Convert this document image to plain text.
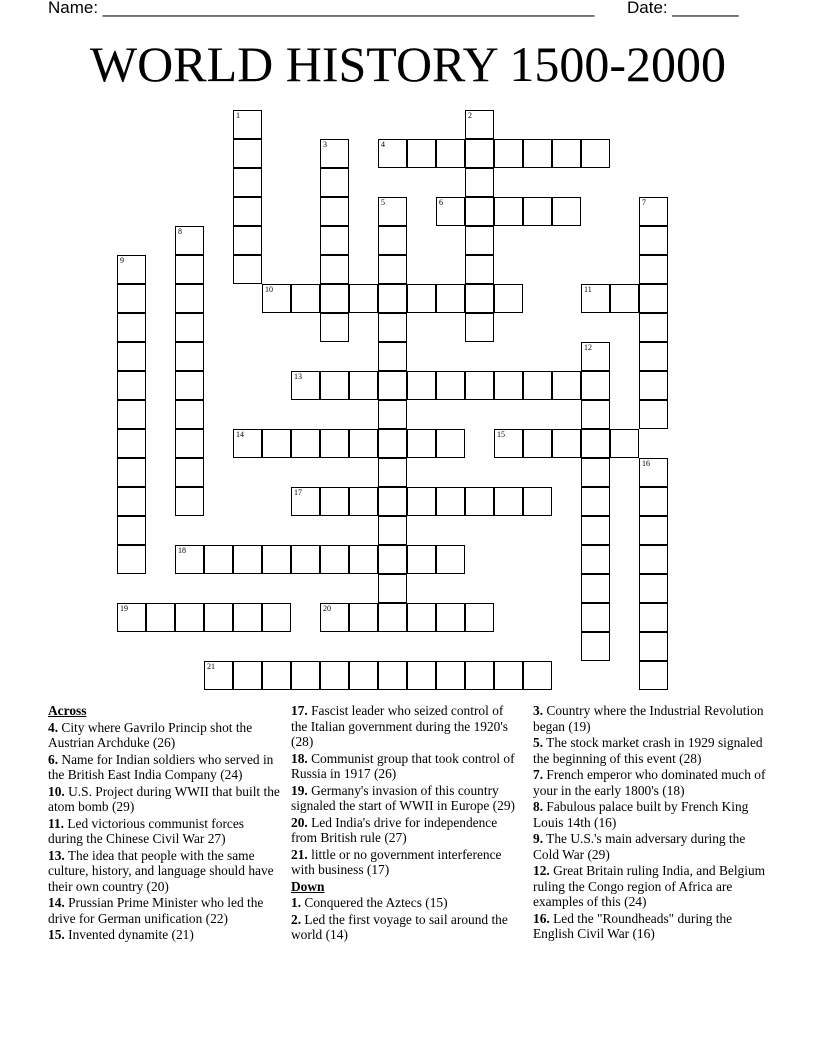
Name: ____________________________________________________ Date: _______
WORLD HISTORY 1500-2000
1	2
3	4
5	6	7
8
9
10	11
12
13
14	15
16
17
18
19	20
21
Across
4. City where Gavrilo Princip shot the Austrian Archduke (26)
6. Name for Indian soldiers who served in the British East India Company (24)
10. U.S. Project during WWII that built the atom bomb (29)
11. Led victorious communist forces during the Chinese Civil War 27)
13. The idea that people with the same culture, history, and language should have their own country (20)
14. Prussian Prime Minister who led the drive for German unification (22)
15. Invented dynamite (21)
17. Fascist leader who seized control of the Italian government during the 1920's (28)
18. Communist group that took control of Russia in 1917 (26)
19. Germany's invasion of this country signaled the start of WWII in Europe (29)
20. Led India's drive for independence from British rule (27)
21. little or no government interference with business (17)
Down
1. Conquered the Aztecs (15)
2. Led the first voyage to sail around the world (14)
3. Country where the Industrial Revolution began (19)
5. The stock market crash in 1929 signaled the beginning of this event (28)
7. French emperor who dominated much of your in the early 1800's (18)
8. Fabulous palace built by French King Louis 14th (16)
9. The U.S.'s main adversary during the Cold War (29)
12. Great Britain ruling India, and Belgium ruling the Congo region of Africa are examples of this (24)
16. Led the "Roundheads" during the English Civil War (16)
